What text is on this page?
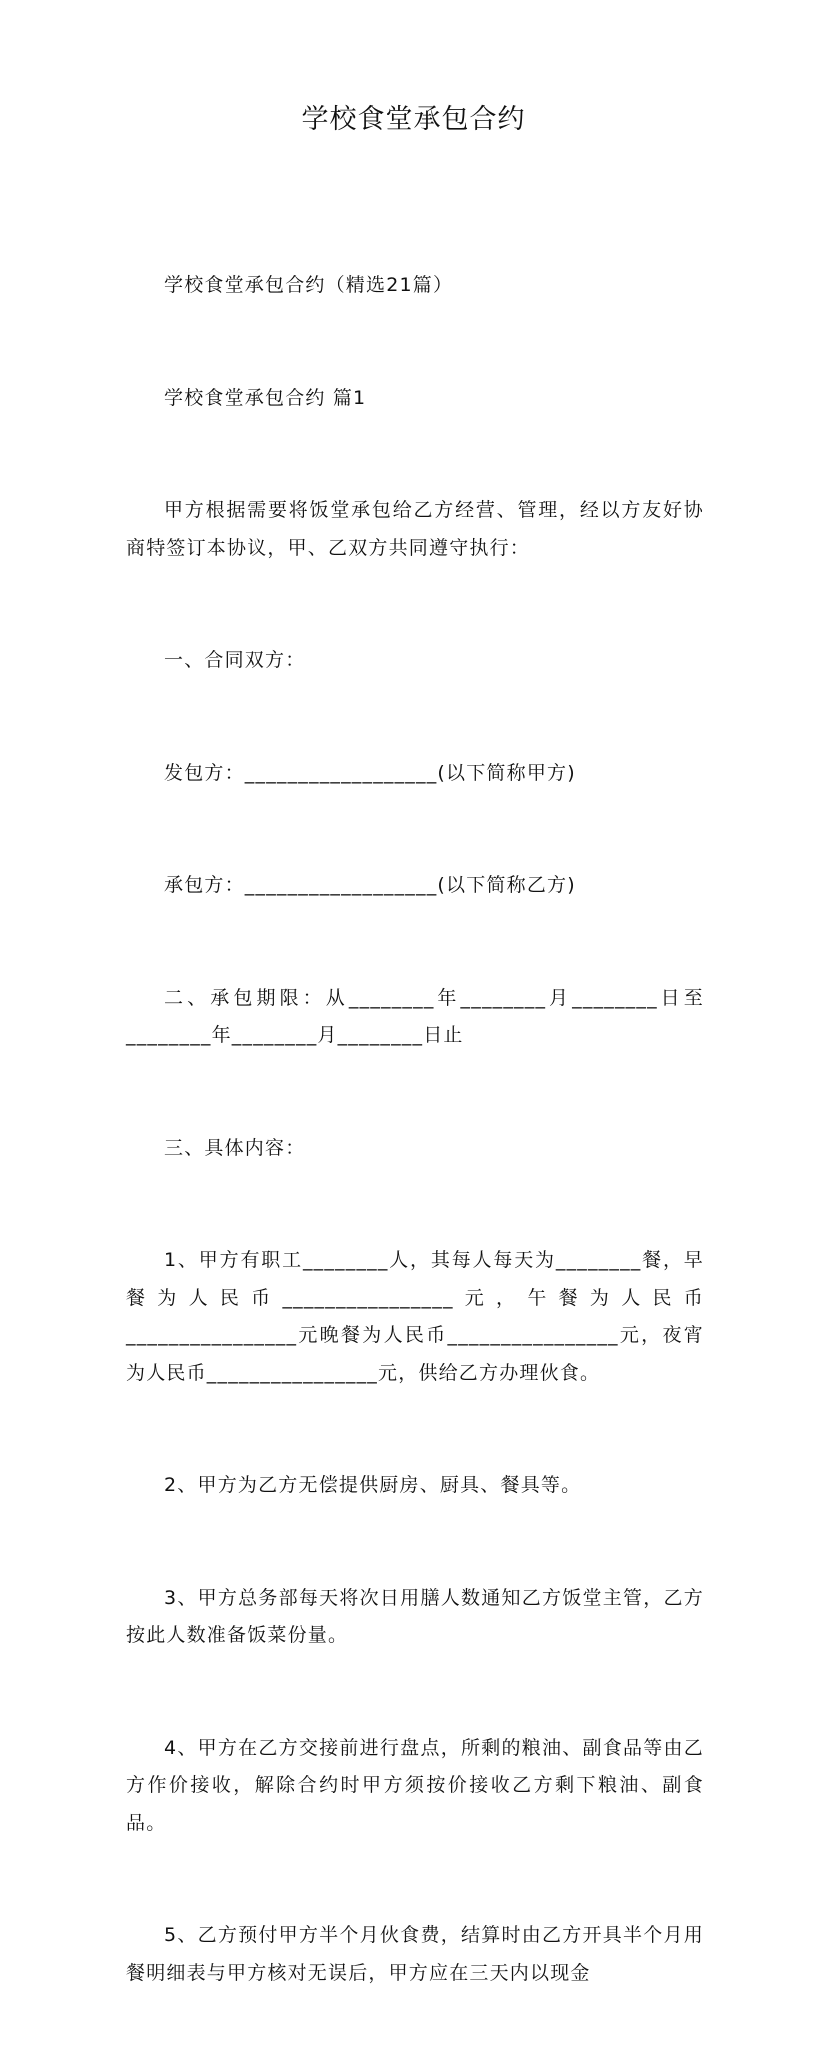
学校食堂承包合约

学校食堂承包合约（精选21篇）

学校食堂承包合约 篇1

甲方根据需要将饭堂承包给乙方经营、管理，经以方友好协商特签订本协议，甲、乙双方共同遵守执行：

一、合同双方：

发包方：__________________(以下简称甲方)

承包方：__________________(以下简称乙方)

二、承包期限：从________年________月________日至________年________月________日止

三、具体内容：

1、甲方有职工________人，其每人每天为________餐，早餐为人民币________________元，午餐为人民币________________元晚餐为人民币________________元，夜宵为人民币________________元，供给乙方办理伙食。

2、甲方为乙方无偿提供厨房、厨具、餐具等。

3、甲方总务部每天将次日用膳人数通知乙方饭堂主管，乙方按此人数准备饭菜份量。

4、甲方在乙方交接前进行盘点，所剩的粮油、副食品等由乙方作价接收，解除合约时甲方须按价接收乙方剩下粮油、副食品。

5、乙方预付甲方半个月伙食费，结算时由乙方开具半个月用餐明细表与甲方核对无误后，甲方应在三天内以现金
